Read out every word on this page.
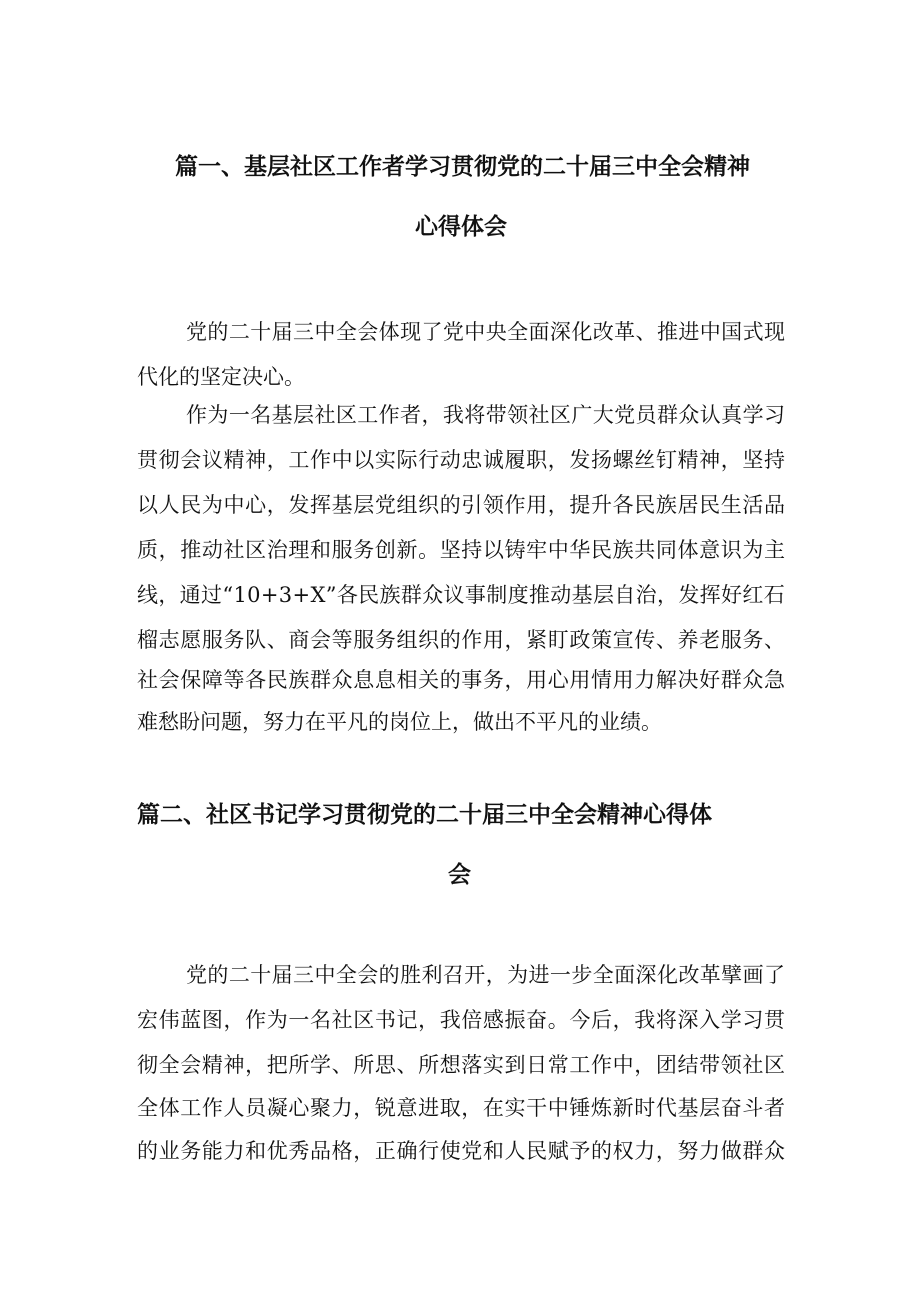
篇一、基层社区工作者学习贯彻党的二十届三中全会精神
心得体会
党的二十届三中全会体现了党中央全面深化改革、推进中国式现
代化的坚定决心。
作为一名基层社区工作者，我将带领社区广大党员群众认真学习
贯彻会议精神，工作中以实际行动忠诚履职，发扬螺丝钉精神，坚持
以人民为中心，发挥基层党组织的引领作用，提升各民族居民生活品
质，推动社区治理和服务创新。坚持以铸牢中华民族共同体意识为主
线，通过“10+3+X”各民族群众议事制度推动基层自治，发挥好红石
榴志愿服务队、商会等服务组织的作用，紧盯政策宣传、养老服务、
社会保障等各民族群众息息相关的事务，用心用情用力解决好群众急
难愁盼问题，努力在平凡的岗位上，做出不平凡的业绩。
篇二、社区书记学习贯彻党的二十届三中全会精神心得体
会
党的二十届三中全会的胜利召开，为进一步全面深化改革擘画了
宏伟蓝图，作为一名社区书记，我倍感振奋。今后，我将深入学习贯
彻全会精神，把所学、所思、所想落实到日常工作中，团结带领社区
全体工作人员凝心聚力，锐意进取，在实干中锤炼新时代基层奋斗者
的业务能力和优秀品格，正确行使党和人民赋予的权力，努力做群众
